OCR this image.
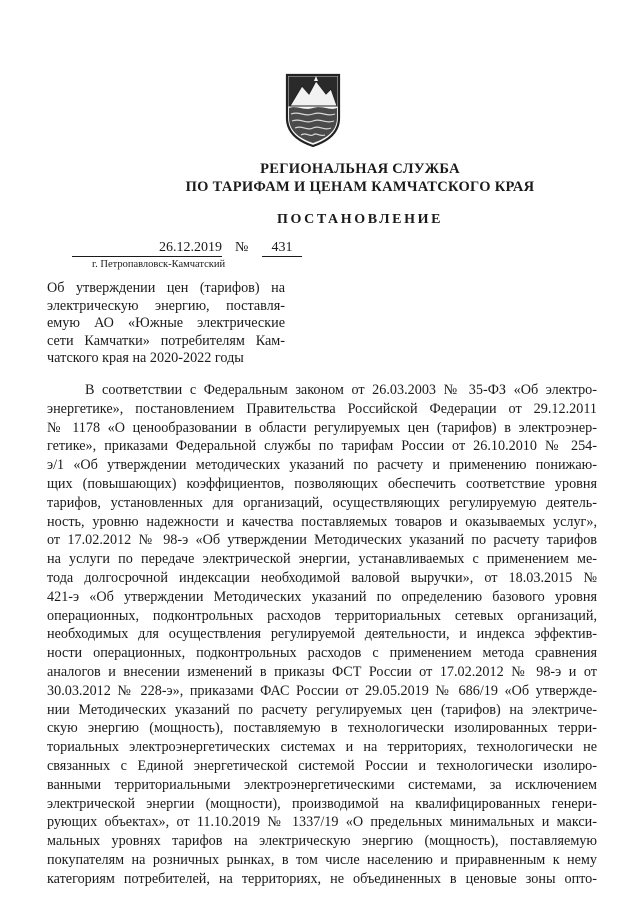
РЕГИОНАЛЬНАЯ СЛУЖБА
ПО ТАРИФАМ И ЦЕНАМ КАМЧАТСКОГО КРАЯ
ПОСТАНОВЛЕНИЕ
26.12.2019 №	431
г. Петропавловск-Камчатский
Об утверждении цен (тарифов) на
электрическую энергию, поставля-
емую АО «Южные электрические
сети Камчатки» потребителям Кам-
чатского края на 2020-2022 годы
В соответствии с Федеральным законом от 26.03.2003 № 35-ФЗ «Об электро-
энергетике», постановлением Правительства Российской Федерации от 29.12.2011
№ 1178 «О ценообразовании в области регулируемых цен (тарифов) в электроэнер-
гетике», приказами Федеральной службы по тарифам России от 26.10.2010 № 254-
э/1 «Об утверждении методических указаний по расчету и применению понижаю-
щих (повышающих) коэффициентов, позволяющих обеспечить соответствие уровня
тарифов, установленных для организаций, осуществляющих регулируемую деятель-
ность, уровню надежности и качества поставляемых товаров и оказываемых услуг»,
от 17.02.2012 № 98-э «Об утверждении Методических указаний по расчету тарифов
на услуги по передаче электрической энергии, устанавливаемых с применением ме-
тода долгосрочной индексации необходимой валовой выручки», от 18.03.2015 №
421-э «Об утверждении Методических указаний по определению базового уровня
операционных, подконтрольных расходов территориальных сетевых организаций,
необходимых для осуществления регулируемой деятельности, и индекса эффектив-
ности операционных, подконтрольных расходов с применением метода сравнения
аналогов и внесении изменений в приказы ФСТ России от 17.02.2012 № 98-э и от
30.03.2012 № 228-э», приказами ФАС России от 29.05.2019 № 686/19 «Об утвержде-
нии Методических указаний по расчету регулируемых цен (тарифов) на электриче-
скую энергию (мощность), поставляемую в технологически изолированных терри-
ториальных электроэнергетических системах и на территориях, технологически не
связанных с Единой энергетической системой России и технологически изолиро-
ванными территориальными электроэнергетическими системами, за исключением
электрической энергии (мощности), производимой на квалифицированных генери-
рующих объектах», от 11.10.2019 № 1337/19 «О предельных минимальных и макси-
мальных уровнях тарифов на электрическую энергию (мощность), поставляемую
покупателям на розничных рынках, в том числе населению и приравненным к нему
категориям потребителей, на территориях, не объединенных в ценовые зоны опто-
